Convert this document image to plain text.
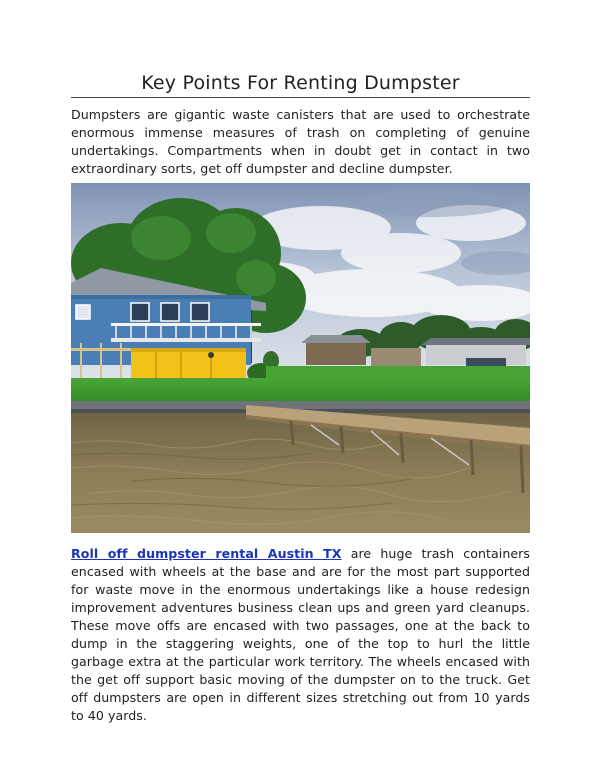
Key Points For Renting Dumpster

Dumpsters are gigantic waste canisters that are used to orchestrate enormous immense measures of trash on completing of genuine undertakings. Compartments when in doubt get in contact in two extraordinary sorts, get off dumpster and decline dumpster.

Roll off dumpster rental Austin TX are huge trash containers encased with wheels at the base and are for the most part supported for waste move in the enormous undertakings like a house redesign improvement adventures business clean ups and green yard cleanups. These move offs are encased with two passages, one at the back to dump in the staggering weights, one of the top to hurl the little garbage extra at the particular work territory. The wheels encased with the get off support basic moving of the dumpster on to the truck. Get off dumpsters are open in different sizes stretching out from 10 yards to 40 yards.
